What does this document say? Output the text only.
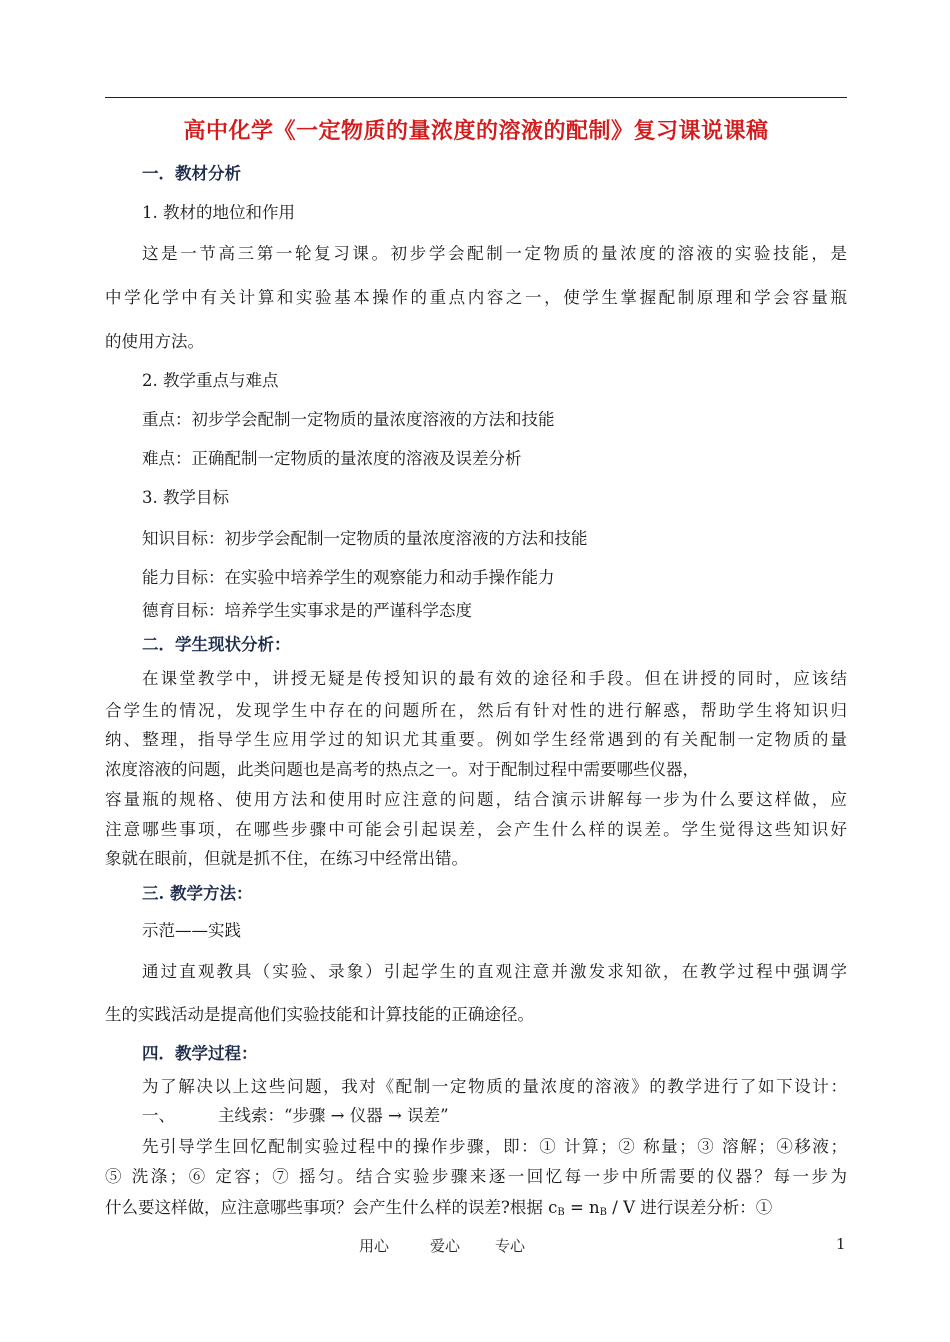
高中化学《一定物质的量浓度的溶液的配制》复习课说课稿
一．教材分析
1. 教材的地位和作用
这是一节高三第一轮复习课。初步学会配制一定物质的量浓度的溶液的实验技能，是
中学化学中有关计算和实验基本操作的重点内容之一，使学生掌握配制原理和学会容量瓶
的使用方法。
2. 教学重点与难点
重点：初步学会配制一定物质的量浓度溶液的方法和技能
难点：正确配制一定物质的量浓度的溶液及误差分析
3. 教学目标
知识目标：初步学会配制一定物质的量浓度溶液的方法和技能
能力目标：在实验中培养学生的观察能力和动手操作能力
德育目标：培养学生实事求是的严谨科学态度
二．学生现状分析：
在课堂教学中，讲授无疑是传授知识的最有效的途径和手段。但在讲授的同时，应该结
合学生的情况，发现学生中存在的问题所在，然后有针对性的进行解惑，帮助学生将知识归
纳、整理，指导学生应用学过的知识尤其重要。例如学生经常遇到的有关配制一定物质的量
浓度溶液的问题，此类问题也是高考的热点之一。对于配制过程中需要哪些仪器，
容量瓶的规格、使用方法和使用时应注意的问题，结合演示讲解每一步为什么要这样做，应
注意哪些事项，在哪些步骤中可能会引起误差，会产生什么样的误差。学生觉得这些知识好
象就在眼前，但就是抓不住，在练习中经常出错。
三. 教学方法：
示范——实践
通过直观教具（实验、录象）引起学生的直观注意并激发求知欲，在教学过程中强调学
生的实践活动是提高他们实验技能和计算技能的正确途径。
四．教学过程：
为了解决以上这些问题，我对《配制一定物质的量浓度的溶液》的教学进行了如下设计：
一、	主线索：“步骤 → 仪器 → 误差”
先引导学生回忆配制实验过程中的操作步骤，即：① 计算；② 称量；③ 溶解；④移液；
⑤ 洗涤；⑥ 定容；⑦ 摇匀。结合实验步骤来逐一回忆每一步中所需要的仪器？每一步为
什么要这样做，应注意哪些事项？会产生什么样的误差?根据 $c_B = n_B / V$ 进行误差分析：①
用心	爱心 专心	1
